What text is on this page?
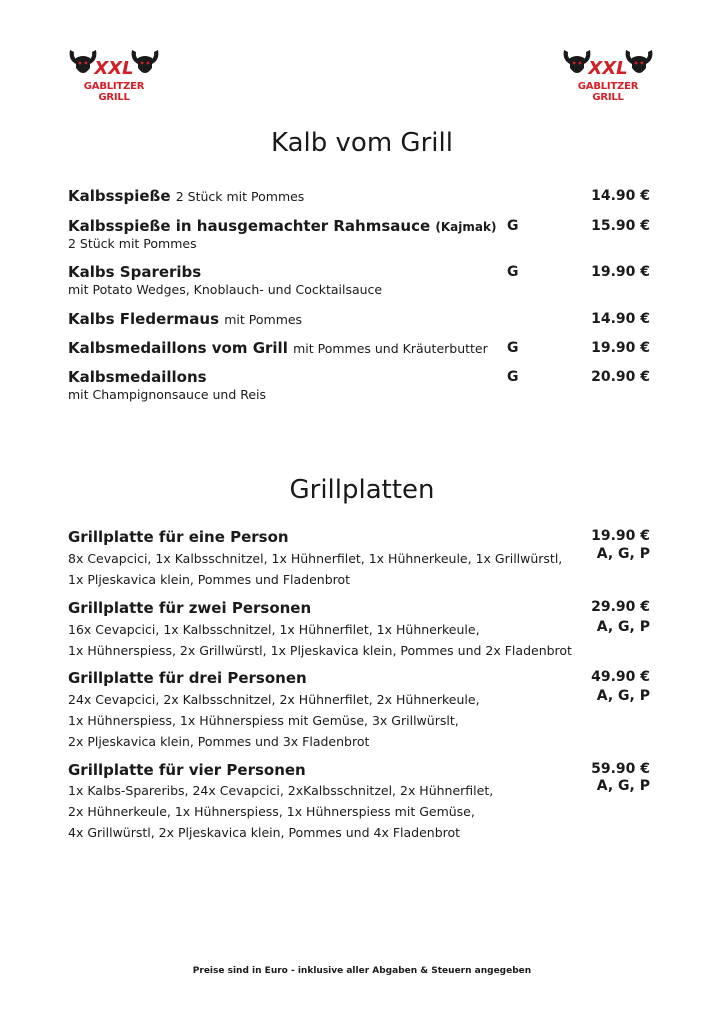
XXL
GABLITZER
GRILL
XXL
GABLITZER
GRILL
Kalb vom Grill
Kalbsspieße 2 Stück mit Pommes	14.90 €
Kalbsspieße in hausgemachter Rahmsauce (Kajmak)
2 Stück mit Pommes
G	15.90 €
Kalbs Spareribs
mit Potato Wedges, Knoblauch- und Cocktailsauce
G	19.90 €
Kalbs Fledermaus mit Pommes	14.90 €
Kalbsmedaillons vom Grill mit Pommes und Kräuterbutter G	19.90 €
Kalbsmedaillons
mit Champignonsauce und Reis
G	20.90 €
Grillplatten
Grillplatte für eine Person	19.90 €
A, G, P
8x Cevapcici, 1x Kalbsschnitzel, 1x Hühnerfilet, 1x Hühnerkeule, 1x Grillwürstl,
1x Pljeskavica klein, Pommes und Fladenbrot
Grillplatte für zwei Personen	29.90 €
A, G, P
16x Cevapcici, 1x Kalbsschnitzel, 1x Hühnerfilet, 1x Hühnerkeule,
1x Hühnerspiess, 2x Grillwürstl, 1x Pljeskavica klein, Pommes und 2x Fladenbrot
Grillplatte für drei Personen	49.90 €
A, G, P
24x Cevapcici, 2x Kalbsschnitzel, 2x Hühnerfilet, 2x Hühnerkeule,
1x Hühnerspiess, 1x Hühnerspiess mit Gemüse, 3x Grillwürslt,
2x Pljeskavica klein, Pommes und 3x Fladenbrot
Grillplatte für vier Personen	59.90 €
A, G, P
1x Kalbs-Spareribs, 24x Cevapcici, 2xKalbsschnitzel, 2x Hühnerfilet,
2x Hühnerkeule, 1x Hühnerspiess, 1x Hühnerspiess mit Gemüse,
4x Grillwürstl, 2x Pljeskavica klein, Pommes und 4x Fladenbrot
Preise sind in Euro - inklusive aller Abgaben & Steuern angegeben
